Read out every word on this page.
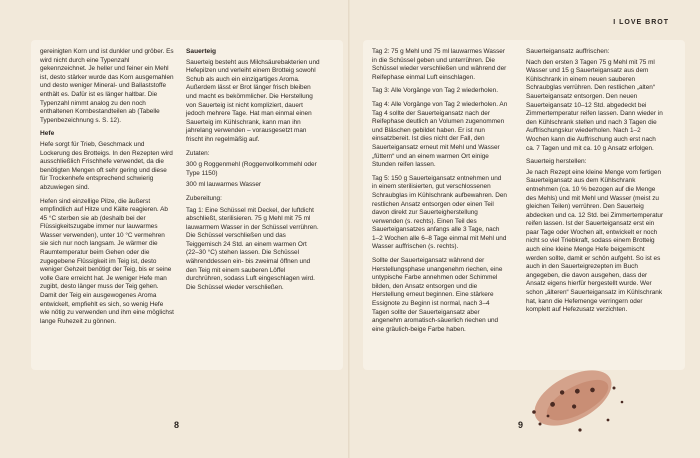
gereinigten Korn und ist dunkler und gröber. Es wird nicht durch eine Typenzahl gekennzeichnet. Je heller und feiner ein Mehl ist, desto stärker wurde das Korn ausgemahlen und desto weniger Mineral- und Ballaststoffe enthält es. Dafür ist es länger haltbar. Die Typenzahl nimmt analog zu den noch enthaltenen Kornbestandteilen ab (Tabelle Typenbezeichnung s. S. 12).

Hefe

Hefe sorgt für Trieb, Geschmack und Lockerung des Brotteigs. In den Rezepten wird ausschließlich Frischhefe verwendet, da die benötigten Mengen oft sehr gering und diese für Trockenhefe entsprechend schwierig abzuwiegen sind.

Hefen sind einzellige Pilze, die äußerst empfindlich auf Hitze und Kälte reagieren. Ab 45 °C sterben sie ab (deshalb bei der Flüssigkeitszugabe immer nur lauwarmes Wasser verwenden), unter 10 °C vermehren sie sich nur noch langsam. Je wärmer die Raumtemperatur beim Gehen oder die zugegebene Flüssigkeit im Teig ist, desto weniger Gehzeit benötigt der Teig, bis er seine volle Gare erreicht hat. Je weniger Hefe man zugibt, desto länger muss der Teig gehen. Damit der Teig ein ausgewogenes Aroma entwickelt, empfiehlt es sich, so wenig Hefe wie nötig zu verwenden und ihm eine möglichst lange Ruhezeit zu gönnen.

Sauerteig

Sauerteig besteht aus Milchsäurebakterien und Hefepilzen und verleiht einem Brotteig sowohl Schub als auch ein einzigartiges Aroma. Außerdem lässt er Brot länger frisch bleiben und macht es bekömmlicher. Die Herstellung von Sauerteig ist nicht kompliziert, dauert jedoch mehrere Tage. Hat man einmal einen Sauerteig im Kühlschrank, kann man ihn jahrelang verwenden – vorausgesetzt man frischt ihn regelmäßig auf.

Zutaten:

300 g Roggenmehl (Roggenvollkornmehl oder Type 1150)

300 ml lauwarmes Wasser

Zubereitung:

Tag 1: Eine Schüssel mit Deckel, der luftdicht abschließt, sterilisieren. 75 g Mehl mit 75 ml lauwarmem Wasser in der Schüssel verrühren. Die Schüssel verschließen und das Teiggemisch 24 Std. an einem warmen Ort (22–30 °C) stehen lassen. Die Schüssel währenddessen ein- bis zweimal öffnen und den Teig mit einem sauberen Löffel durchrühren, sodass Luft eingeschlagen wird. Die Schüssel wieder verschließen.

8
I LOVE BROT

Tag 2: 75 g Mehl und 75 ml lauwarmes Wasser in die Schüssel geben und unterrühren. Die Schüssel wieder verschließen und während der Reifephase einmal Luft einschlagen.

Tag 3: Alle Vorgänge von Tag 2 wiederholen.

Tag 4: Alle Vorgänge von Tag 2 wiederholen. An Tag 4 sollte der Sauerteigansatz nach der Reifephase deutlich an Volumen zugenommen und Bläschen gebildet haben. Er ist nun einsatzbereit. Ist dies nicht der Fall, den Sauerteigansatz erneut mit Mehl und Wasser „füttern“ und an einem warmen Ort einige Stunden reifen lassen.

Tag 5: 150 g Sauerteigansatz entnehmen und in einem sterilisierten, gut verschlossenen Schraubglas im Kühlschrank aufbewahren. Den restlichen Ansatz entsorgen oder einen Teil davon direkt zur Sauerteigherstellung verwenden (s. rechts). Einen Teil des Sauerteigansatzes anfangs alle 3 Tage, nach 1–2 Wochen alle 6–8 Tage einmal mit Mehl und Wasser auffrischen (s. rechts).

Sollte der Sauerteigansatz während der Herstellungsphase unangenehm riechen, eine untypische Farbe annehmen oder Schimmel bilden, den Ansatz entsorgen und die Herstellung erneut beginnen. Eine stärkere Essignote zu Beginn ist normal, nach 3–4 Tagen sollte der Sauerteigansatz aber angenehm aromatisch-säuerlich riechen und eine gräulich-beige Farbe haben.

Sauerteigansatz auffrischen:

Nach den ersten 3 Tagen 75 g Mehl mit 75 ml Wasser und 15 g Sauerteigansatz aus dem Kühlschrank in einem neuen sauberen Schraubglas verrühren. Den restlichen „alten“ Sauerteigansatz entsorgen. Den neuen Sauerteigansatz 10–12 Std. abgedeckt bei Zimmertemperatur reifen lassen. Dann wieder in den Kühlschrank stellen und nach 3 Tagen die Auffrischungskur wiederholen. Nach 1–2 Wochen kann die Auffrischung auch erst nach ca. 7 Tagen und mit ca. 10 g Ansatz erfolgen.

Sauerteig herstellen:

Je nach Rezept eine kleine Menge vom fertigen Sauerteigansatz aus dem Kühlschrank entnehmen (ca. 10 % bezogen auf die Menge des Mehls) und mit Mehl und Wasser (meist zu gleichen Teilen) verrühren. Den Sauerteig abdecken und ca. 12 Std. bei Zimmertemperatur reifen lassen. Ist der Sauerteigansatz erst ein paar Tage oder Wochen alt, entwickelt er noch nicht so viel Triebkraft, sodass einem Brotteig auch eine kleine Menge Hefe beigemischt werden sollte, damit er schön aufgeht. So ist es auch in den Sauerteigrezepten im Buch angegeben, die davon ausgehen, dass der Ansatz eigens hierfür hergestellt wurde. Wer schon „älteren“ Sauerteigansatz im Kühlschrank hat, kann die Hefemenge verringern oder komplett auf Hefezusatz verzichten.

9
